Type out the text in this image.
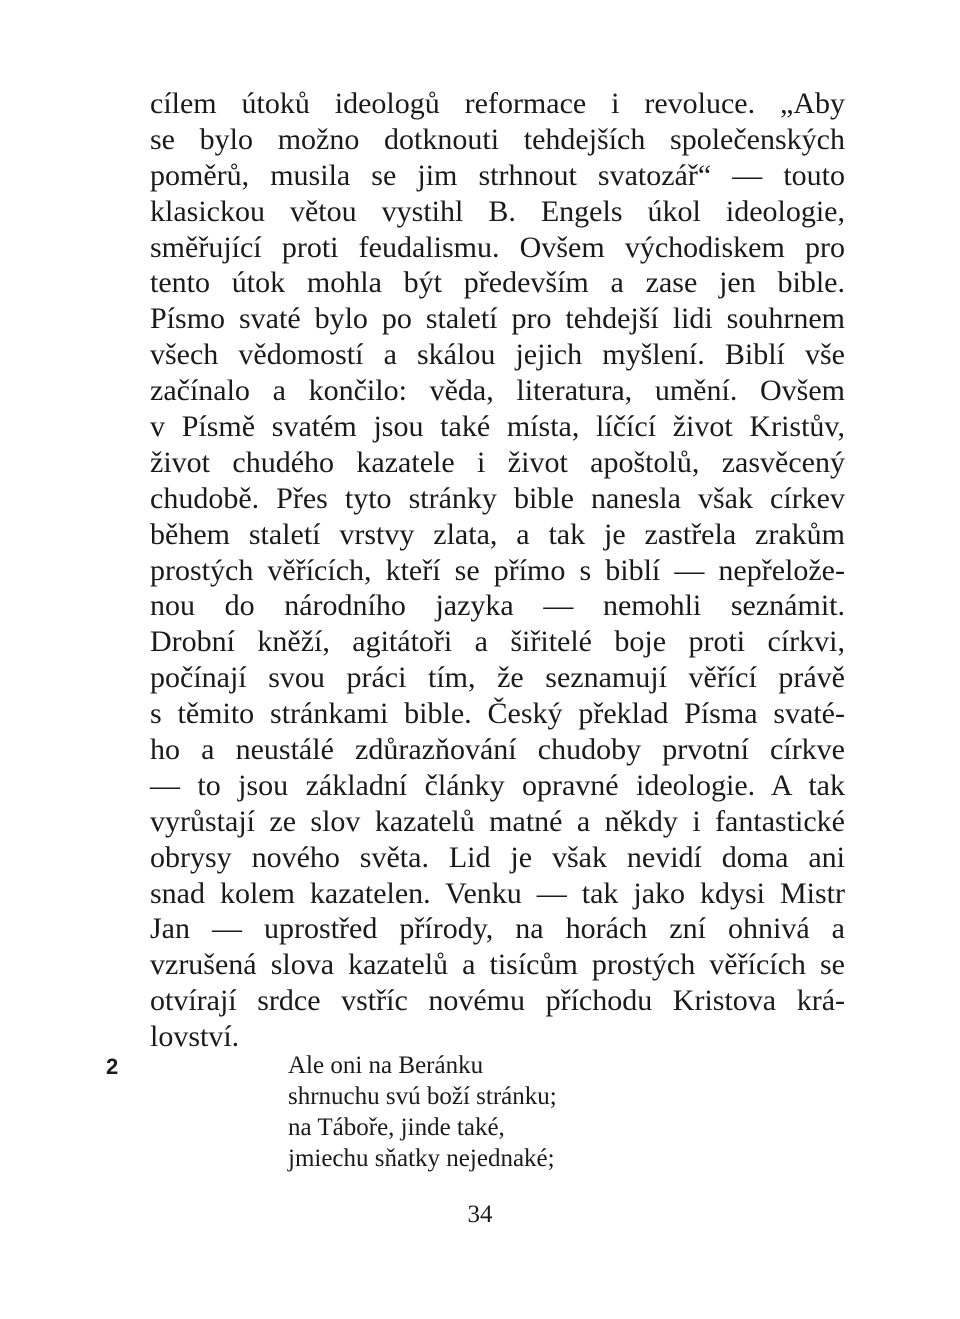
cílem útoků ideologů reformace i revoluce. „Aby
se bylo možno dotknouti tehdejších společenských
poměrů, musila se jim strhnout svatozář“ — touto
klasickou větou vystihl B. Engels úkol ideologie,
směřující proti feudalismu. Ovšem východiskem pro
tento útok mohla být především a zase jen bible.
Písmo svaté bylo po staletí pro tehdejší lidi souhrnem
všech vědomostí a skálou jejich myšlení. Biblí vše
začínalo a končilo: věda, literatura, umění. Ovšem
v Písmě svatém jsou také místa, líčící život Kristův,
život chudého kazatele i život apoštolů, zasvěcený
chudobě. Přes tyto stránky bible nanesla však církev
během staletí vrstvy zlata, a tak je zastřela zrakům
prostých věřících, kteří se přímo s biblí — nepřelože-
nou do národního jazyka — nemohli seznámit.
Drobní kněží, agitátoři a šiřitelé boje proti církvi,
počínají svou práci tím, že seznamují věřící právě
s těmito stránkami bible. Český překlad Písma svaté-
ho a neustálé zdůrazňování chudoby prvotní církve
— to jsou základní články opravné ideologie. A tak
vyrůstají ze slov kazatelů matné a někdy i fantastické
obrysy nového světa. Lid je však nevidí doma ani
snad kolem kazatelen. Venku — tak jako kdysi Mistr
Jan — uprostřed přírody, na horách zní ohnivá a
vzrušená slova kazatelů a tisícům prostých věřících se
otvírají srdce vstříc novému příchodu Kristova krá-
lovství.
2	Ale oni na Beránku
shrnuchu svú boží stránku;
na Táboře, jinde také,
jmiechu sňatky nejednaké;
34
